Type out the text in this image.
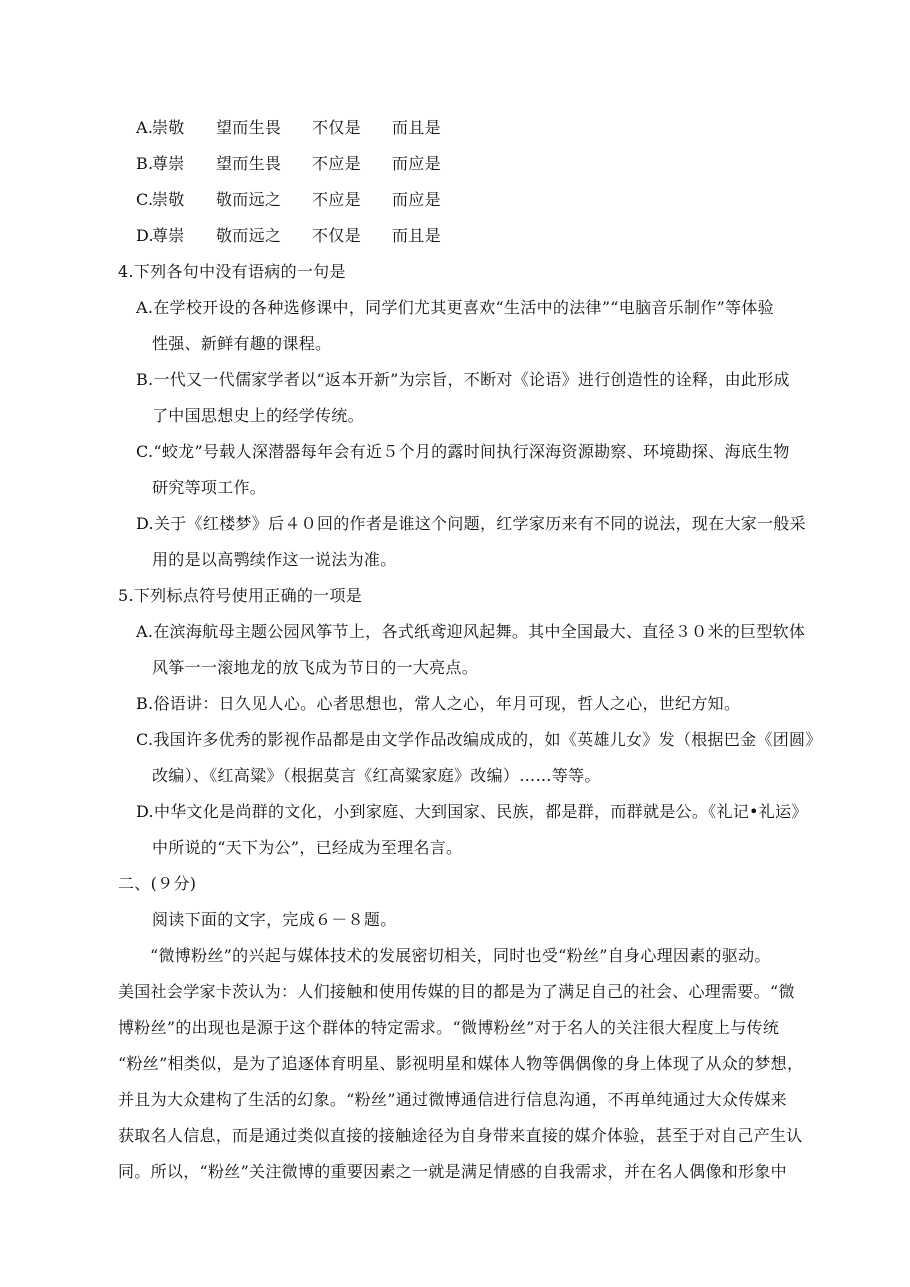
A.
崇敬 望而生畏 不仅是 而且是
B.
尊崇 望而生畏 不应是 而应是
C.
崇敬 敬而远之 不应是 而应是
D.
尊崇 敬而远之 不仅是 而且是
4.下列各句中没有语病的一句是
A.在学校开设的各种选修课中，同学们尤其更喜欢“生活中的法律”“电脑音乐制作”等体验
性强、新鲜有趣的课程。
B.一代又一代儒家学者以“返本开新”为宗旨，不断对《论语》进行创造性的诠释，由此形成
了中国思想史上的经学传统。
C.“蛟龙”号载人深潜器每年会有近５个月的露时间执行深海资源勘察、环境勘探、海底生物
研究等项工作。
D.关于《红楼梦》后４０回的作者是谁这个问题，红学家历来有不同的说法，现在大家一般采
用的是以高鹗续作这一说法为准。
5.下列标点符号使用正确的一项是
A.在滨海航母主题公园风筝节上，各式纸鸢迎风起舞。其中全国最大、直径３０米的巨型软体
风筝一一滚地龙的放飞成为节日的一大亮点。
B.俗语讲：日久见人心。心者思想也，常人之心，年月可现，哲人之心，世纪方知。
C.我国许多优秀的影视作品都是由文学作品改编成成的，如《英雄儿女》发（根据巴金《团圆》
改编）、《红高粱》（根据莫言《红高粱家庭》改编）……等等。
D.中华文化是尚群的文化，小到家庭、大到国家、民族，都是群，而群就是公。《礼记•礼运》
中所说的“天下为公”，已经成为至理名言。
二、(９分)
阅读下面的文字，完成６－８题。
“微博粉丝”的兴起与媒体技术的发展密切相关，同时也受“粉丝”自身心理因素的驱动。
美国社会学家卡茨认为：人们接触和使用传媒的目的都是为了满足自己的社会、心理需要。“微
博粉丝”的出现也是源于这个群体的特定需求。“微博粉丝”对于名人的关注很大程度上与传统
“粉丝”相类似，是为了追逐体育明星、影视明星和媒体人物等偶偶像的身上体现了从众的梦想，
并且为大众建构了生活的幻象。“粉丝”通过微博通信进行信息沟通，不再单纯通过大众传媒来
获取名人信息，而是通过类似直接的接触途径为自身带来直接的媒介体验，甚至于对自己产生认
同。所以，“粉丝”关注微博的重要因素之一就是满足情感的自我需求，并在名人偶像和形象中
